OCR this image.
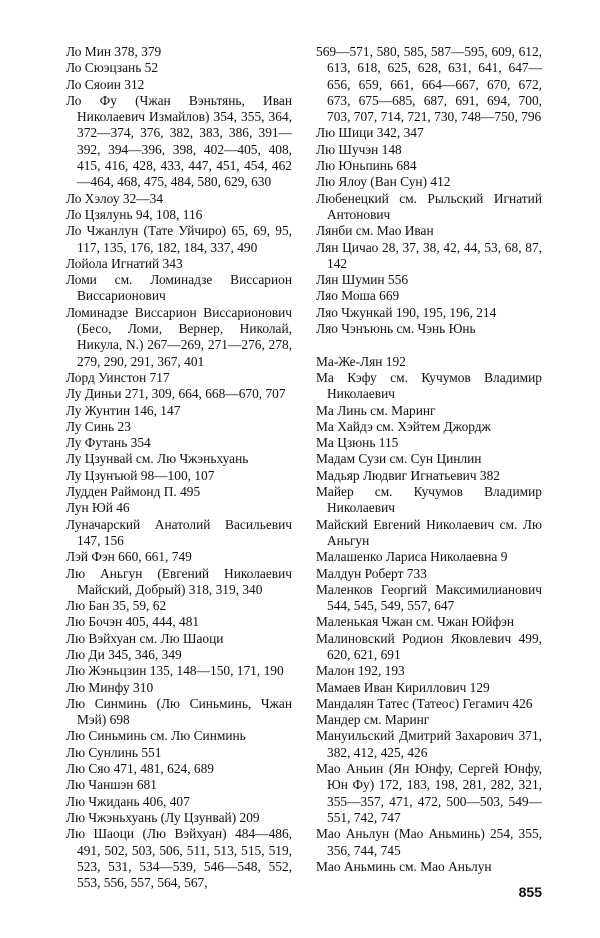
Ло Мин 378, 379

Ло Сюэцзань 52

Ло Сяоин 312

Ло Фу (Чжан Вэньтянь, Иван Николаевич Измайлов) 354, 355, 364, 372—374, 376, 382, 383, 386, 391—392, 394—396, 398, 402—405, 408, 415, 416, 428, 433, 447, 451, 454, 462—464, 468, 475, 484, 580, 629, 630

Ло Хэлоу 32—34

Ло Цзялунь 94, 108, 116

Ло Чжанлун (Тате Уйчиро) 65, 69, 95, 117, 135, 176, 182, 184, 337, 490

Лойола Игнатий 343

Ломи см. Ломинадзе Виссарион Виссарионович

Ломинадзе Виссарион Виссарионович (Бесо, Ломи, Вернер, Николай, Никула, N.) 267—269, 271—276, 278, 279, 290, 291, 367, 401

Лорд Уинстон 717

Лу Диньи 271, 309, 664, 668—670, 707

Лу Жунтин 146, 147

Лу Синь 23

Лу Футань 354

Лу Цзунвай см. Лю Чжэньхуань

Лу Цзунъюй 98—100, 107

Лудден Раймонд П. 495

Лун Юй 46

Луначарский Анатолий Васильевич 147, 156

Лэй Фэн 660, 661, 749

Лю Аньгун (Евгений Николаевич Майский, Добрый) 318, 319, 340

Лю Бан 35, 59, 62

Лю Бочэн 405, 444, 481

Лю Вэйхуан см. Лю Шаоци

Лю Ди 345, 346, 349

Лю Жэньцзин 135, 148—150, 171, 190

Лю Минфу 310

Лю Синминь (Лю Синьминь, Чжан Мэй) 698

Лю Синьминь см. Лю Синминь

Лю Сунлинь 551

Лю Сяо 471, 481, 624, 689

Лю Чаншэн 681

Лю Чжидань 406, 407

Лю Чжэньхуань (Лу Цзунвай) 209

Лю Шаоци (Лю Вэйхуан) 484—486, 491, 502, 503, 506, 511, 513, 515, 519, 523, 531, 534—539, 546—548, 552, 553, 556, 557, 564, 567,

569—571, 580, 585, 587—595, 609, 612, 613, 618, 625, 628, 631, 641, 647—656, 659, 661, 664—667, 670, 672, 673, 675—685, 687, 691, 694, 700, 703, 707, 714, 721, 730, 748—750, 796

Лю Шици 342, 347

Лю Шучэн 148

Лю Юньпинь 684

Лю Ялоу (Ван Сун) 412

Любенецкий см. Рыльский Игнатий Антонович

Лянби см. Мао Иван

Лян Цичао 28, 37, 38, 42, 44, 53, 68, 87, 142

Лян Шумин 556

Ляо Моша 669

Ляо Чжункай 190, 195, 196, 214

Ляо Чэнъюнь см. Чэнь Юнь

Ма-Же-Лян 192

Ма Кэфу см. Кучумов Владимир Николаевич

Ма Линь см. Маринг

Ма Хайдэ см. Хэйтем Джордж

Ма Цзюнь 115

Мадам Сузи см. Сун Цинлин

Мадьяр Людвиг Игнатьевич 382

Майер см. Кучумов Владимир Николаевич

Майский Евгений Николаевич см. Лю Аньгун

Малашенко Лариса Николаевна 9

Малдун Роберт 733

Маленков Георгий Максимилианович 544, 545, 549, 557, 647

Маленькая Чжан см. Чжан Юйфэн

Малиновский Родион Яковлевич 499, 620, 621, 691

Малон 192, 193

Мамаев Иван Кириллович 129

Мандалян Татес (Татеос) Гегамич 426

Мандер см. Маринг

Мануильский Дмитрий Захарович 371, 382, 412, 425, 426

Мао Аньин (Ян Юнфу, Сергей Юнфу, Юн Фу) 172, 183, 198, 281, 282, 321, 355—357, 471, 472, 500—503, 549—551, 742, 747

Мао Аньлун (Мао Аньминь) 254, 355, 356, 744, 745

Мао Аньминь см. Мао Аньлун

855
